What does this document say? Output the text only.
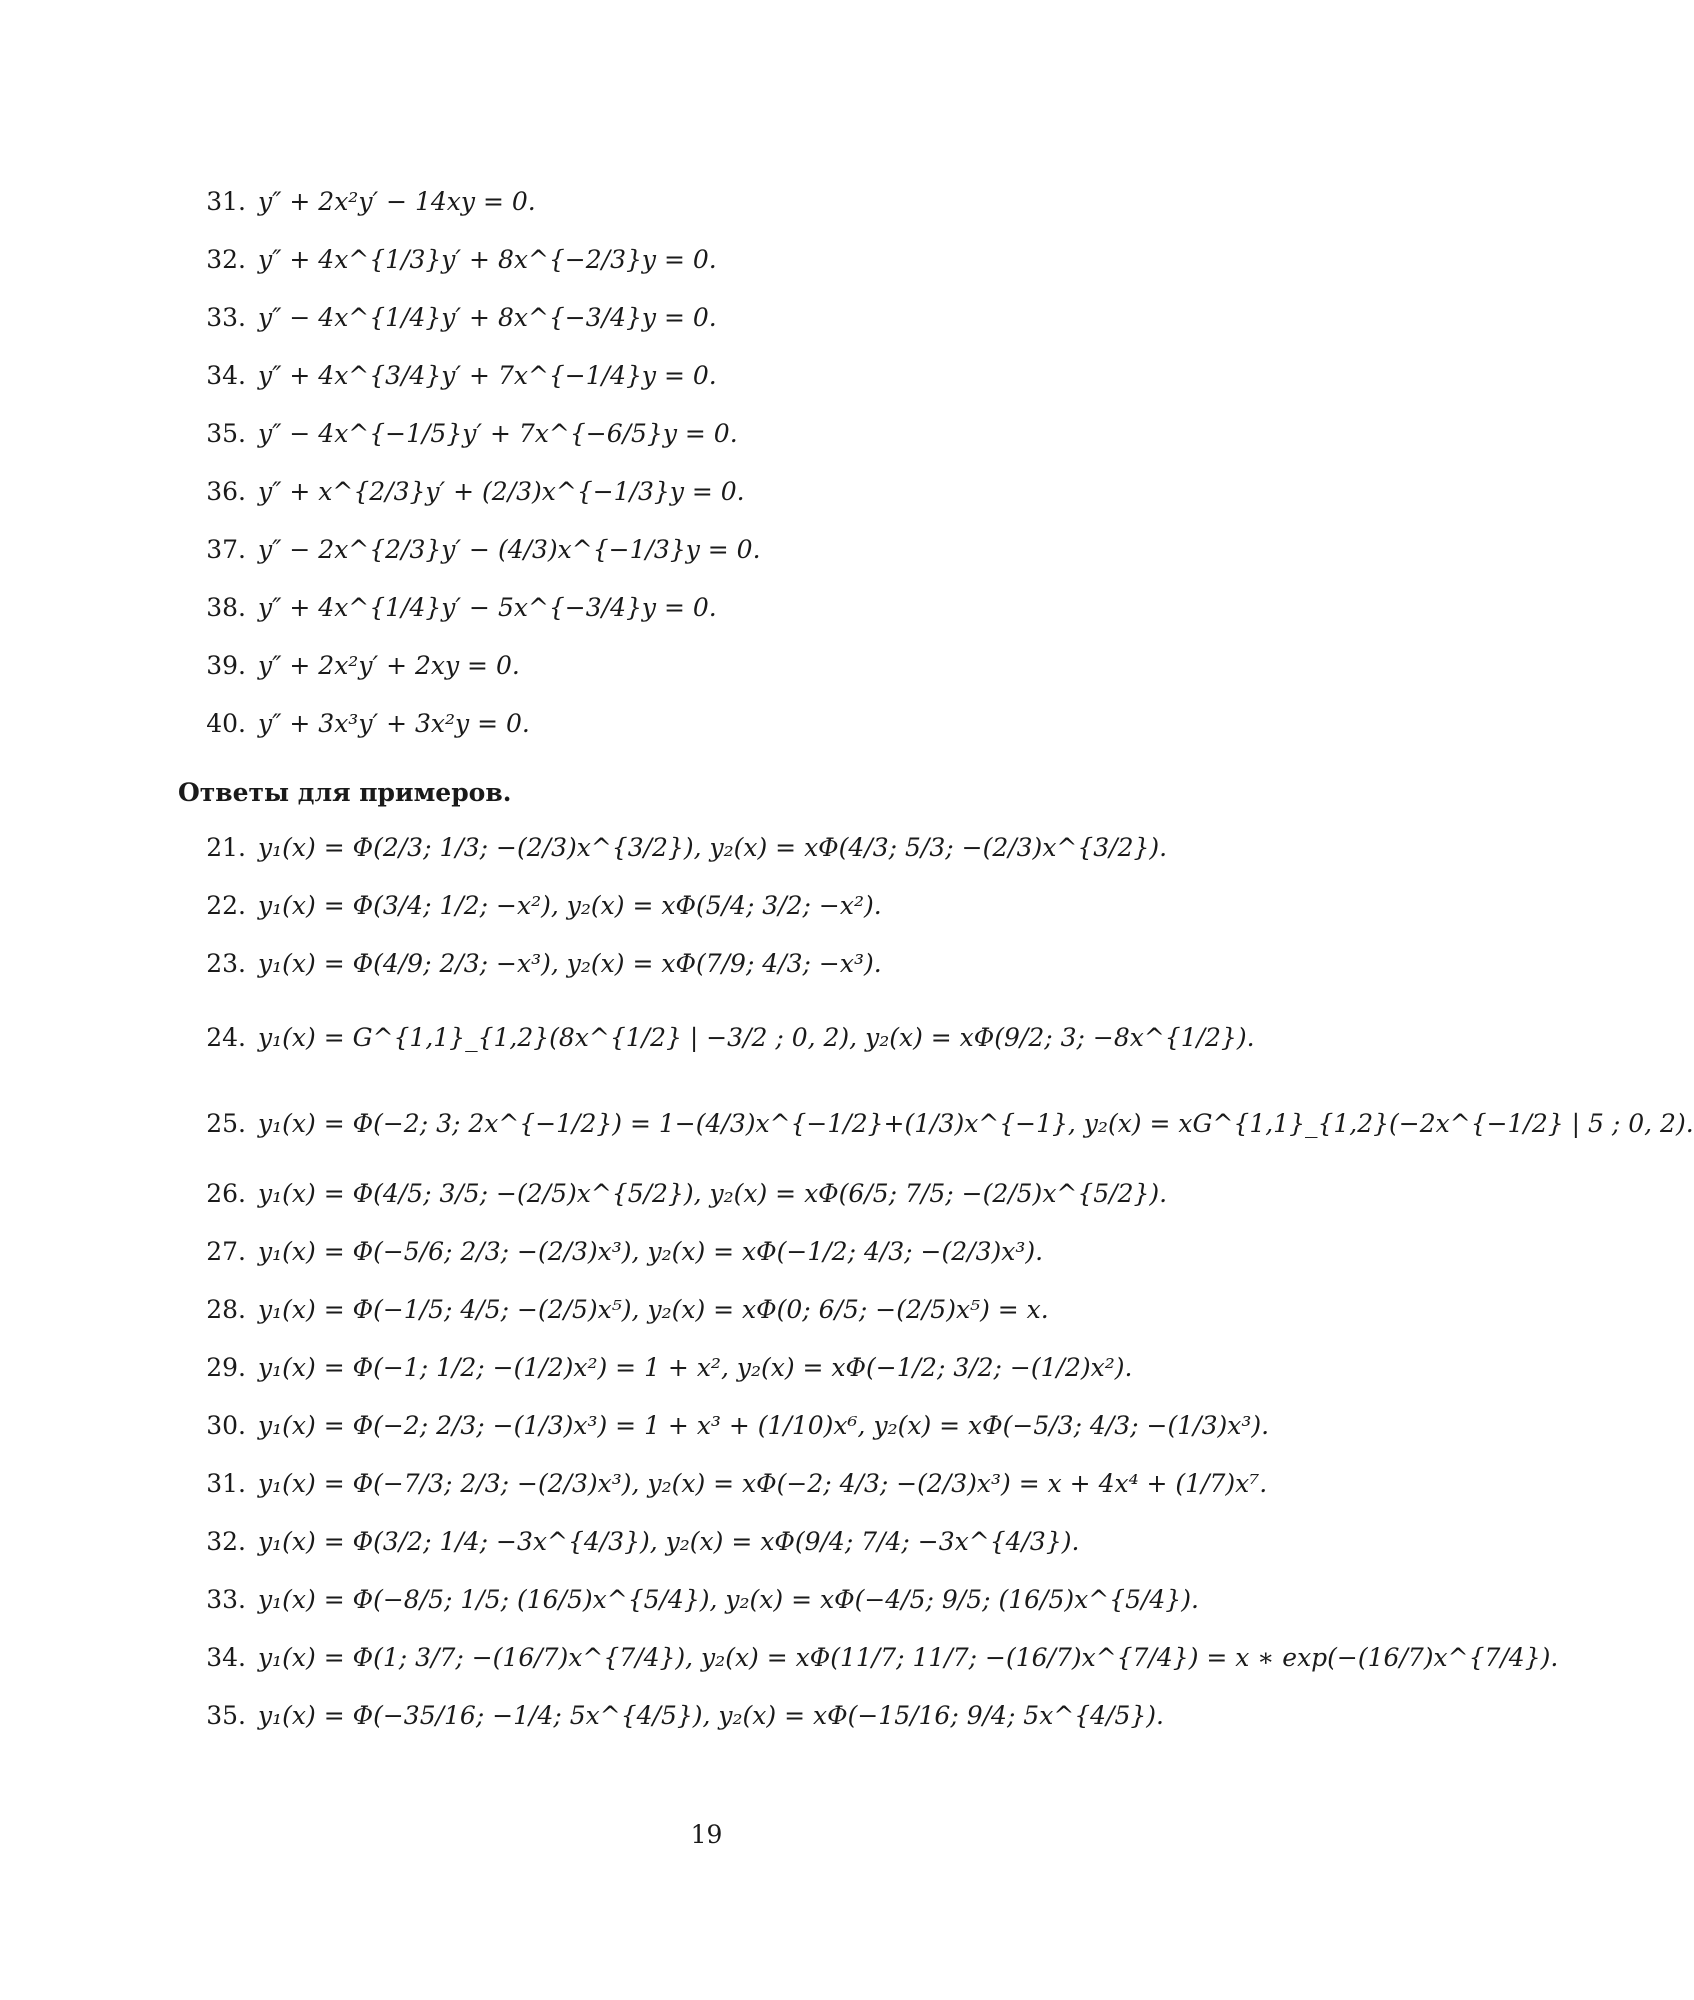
31. y″ + 2x²y′ − 14xy = 0.
32. y″ + 4x^{1/3}y′ + 8x^{−2/3}y = 0.
33. y″ − 4x^{1/4}y′ + 8x^{−3/4}y = 0.
34. y″ + 4x^{3/4}y′ + 7x^{−1/4}y = 0.
35. y″ − 4x^{−1/5}y′ + 7x^{−6/5}y = 0.
36. y″ + x^{2/3}y′ + (2/3)x^{−1/3}y = 0.
37. y″ − 2x^{2/3}y′ − (4/3)x^{−1/3}y = 0.
38. y″ + 4x^{1/4}y′ − 5x^{−3/4}y = 0.
39. y″ + 2x²y′ + 2xy = 0.
40. y″ + 3x³y′ + 3x²y = 0.
Ответы для примеров.
21. y₁(x) = Φ(2/3; 1/3; −(2/3)x^{3/2}), y₂(x) = xΦ(4/3; 5/3; −(2/3)x^{3/2}).
22. y₁(x) = Φ(3/4; 1/2; −x²), y₂(x) = xΦ(5/4; 3/2; −x²).
23. y₁(x) = Φ(4/9; 2/3; −x³), y₂(x) = xΦ(7/9; 4/3; −x³).
24. y₁(x) = G^{1,1}_{1,2}(8x^{1/2} | −3/2 ; 0, 2), y₂(x) = xΦ(9/2; 3; −8x^{1/2}).
25. y₁(x) = Φ(−2; 3; 2x^{−1/2}) = 1−(4/3)x^{−1/2}+(1/3)x^{−1}, y₂(x) = xG^{1,1}_{1,2}(−2x^{−1/2} | 5 ; 0, 2).
26. y₁(x) = Φ(4/5; 3/5; −(2/5)x^{5/2}), y₂(x) = xΦ(6/5; 7/5; −(2/5)x^{5/2}).
27. y₁(x) = Φ(−5/6; 2/3; −(2/3)x³), y₂(x) = xΦ(−1/2; 4/3; −(2/3)x³).
28. y₁(x) = Φ(−1/5; 4/5; −(2/5)x⁵), y₂(x) = xΦ(0; 6/5; −(2/5)x⁵) = x.
29. y₁(x) = Φ(−1; 1/2; −(1/2)x²) = 1 + x², y₂(x) = xΦ(−1/2; 3/2; −(1/2)x²).
30. y₁(x) = Φ(−2; 2/3; −(1/3)x³) = 1 + x³ + (1/10)x⁶, y₂(x) = xΦ(−5/3; 4/3; −(1/3)x³).
31. y₁(x) = Φ(−7/3; 2/3; −(2/3)x³), y₂(x) = xΦ(−2; 4/3; −(2/3)x³) = x + 4x⁴ + (1/7)x⁷.
32. y₁(x) = Φ(3/2; 1/4; −3x^{4/3}), y₂(x) = xΦ(9/4; 7/4; −3x^{4/3}).
33. y₁(x) = Φ(−8/5; 1/5; (16/5)x^{5/4}), y₂(x) = xΦ(−4/5; 9/5; (16/5)x^{5/4}).
34. y₁(x) = Φ(1; 3/7; −(16/7)x^{7/4}), y₂(x) = xΦ(11/7; 11/7; −(16/7)x^{7/4}) = x ∗ exp(−(16/7)x^{7/4}).
35. y₁(x) = Φ(−35/16; −1/4; 5x^{4/5}), y₂(x) = xΦ(−15/16; 9/4; 5x^{4/5}).
19
